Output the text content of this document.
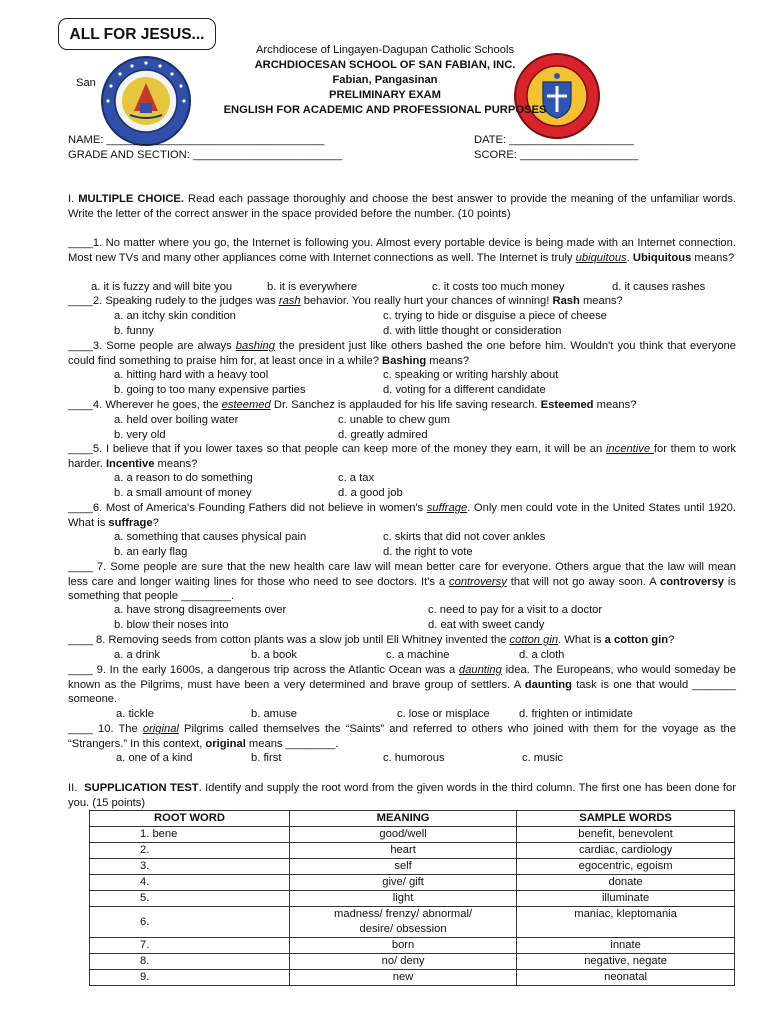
ALL FOR JESUS...
San
Archdiocese of Lingayen-Dagupan Catholic Schools
ARCHDIOCESAN SCHOOL OF SAN FABIAN, INC.
Fabian, Pangasinan
PRELIMINARY EXAM
ENGLISH FOR ACADEMIC AND PROFESSIONAL PURPOSES
NAME: ___________________________________
GRADE AND SECTION: ________________________
DATE: ____________________
SCORE: ___________________
I. MULTIPLE CHOICE. Read each passage thoroughly and choose the best answer to provide the meaning of the unfamiliar words. Write the letter of the correct answer in the space provided before the number. (10 points)
____1. No matter where you go, the Internet is following you. Almost every portable device is being made with an Internet connection. Most new TVs and many other appliances come with Internet connections as well. The Internet is truly ubiquitous. Ubiquitous means?
a. it is fuzzy and will bite you	b. it is everywhere	c. it costs too much money	d. it causes rashes
____2. Speaking rudely to the judges was rash behavior. You really hurt your chances of winning! Rash means?
a. an itchy skin condition	c. trying to hide or disguise a piece of cheese
b. funny	d. with little thought or consideration
____3. Some people are always bashing the president just like others bashed the one before him. Wouldn't you think that everyone could find something to praise him for, at least once in a while? Bashing means?
a. hitting hard with a heavy tool	c. speaking or writing harshly about
b. going to too many expensive parties	d. voting for a different candidate
____4. Wherever he goes, the esteemed Dr. Sanchez is applauded for his life saving research. Esteemed means?
a. held over boiling water	c. unable to chew gum
b. very old	d. greatly admired
____5. I believe that if you lower taxes so that people can keep more of the money they earn, it will be an incentive for them to work harder. Incentive means?
a. a reason to do something	c. a tax
b. a small amount of money	d. a good job
____6. Most of America's Founding Fathers did not believe in women's suffrage. Only men could vote in the United States until 1920. What is suffrage?
a. something that causes physical pain	c. skirts that did not cover ankles
b. an early flag	d. the right to vote
____ 7. Some people are sure that the new health care law will mean better care for everyone. Others argue that the law will mean less care and longer waiting lines for those who need to see doctors. It's a controversy that will not go away soon. A controversy is something that people ________.
a. have strong disagreements over	c. need to pay for a visit to a doctor
b. blow their noses into	d. eat with sweet candy
____ 8. Removing seeds from cotton plants was a slow job until Eli Whitney invented the cotton gin. What is a cotton gin?
a. a drink	b. a book	c. a machine	d. a cloth
____ 9. In the early 1600s, a dangerous trip across the Atlantic Ocean was a daunting idea. The Europeans, who would someday be known as the Pilgrims, must have been a very determined and brave group of settlers. A daunting task is one that would _______ someone.
a. tickle	b. amuse	c. lose or misplace	d. frighten or intimidate
____ 10. The original Pilgrims called themselves the “Saints” and referred to others who joined with them for the voyage as the “Strangers.” In this context, original means ________.
a. one of a kind	b. first	c. humorous	c. music
II. SUPPLICATION TEST. Identify and supply the root word from the given words in the third column. The first one has been done for you. (15 points)
ROOT WORD	MEANING	SAMPLE WORDS
1. bene	good/well	benefit, benevolent
2.	heart	cardiac, cardiology
3.	self	egocentric, egoism
4.	give/ gift	donate
5.	light	illuminate
6.	madness/ frenzy/ abnormal/ desire/ obsession	maniac, kleptomania
7.	born	innate
8.	no/ deny	negative, negate
9.	new	neonatal
